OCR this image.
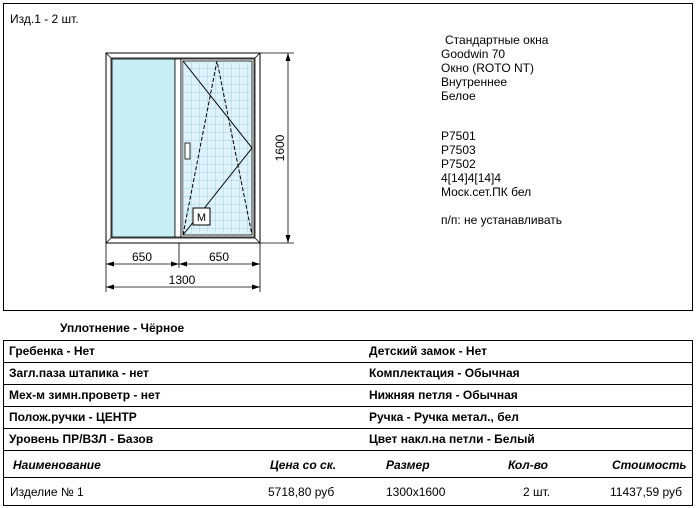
Изд.1 - 2 шт.
М
1600
650	650
1300
Стандартные окна
Goodwin 70
Окно (ROTO NT)
Внутреннее
Белое
P7501
P7503
P7502
4[14]4[14]4
Моск.сет.ПК бел
п/п: не устанавливать
Уплотнение - Чёрное
Гребенка - Нет	Детский замок - Нет
Загл.паза штапика - нет	Комплектация - Обычная
Мех-м зимн.проветр - нет	Нижняя петля - Обычная
Полож.ручки - ЦЕНТР	Ручка - Ручка метал., бел
Уровень ПР/ВЗЛ - Базов	Цвет накл.на петли - Белый
Наименование	Цена со ск.	Размер	Кол-во	Стоимость
Изделие № 1	5718,80 руб	1300x1600	2 шт.	11437,59 руб
